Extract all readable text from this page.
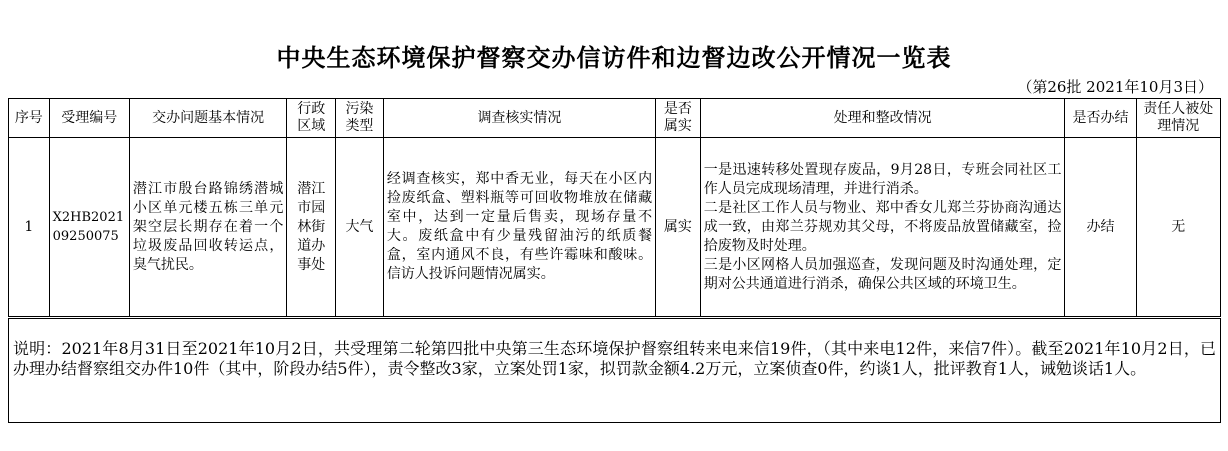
中央生态环境保护督察交办信访件和边督边改公开情况一览表
（第26批 2021年10月3日）
序号	受理编号	交办问题基本情况	行政区域	污染类型	调查核实情况	是否属实	处理和整改情况	是否办结	责任人被处理情况
1	X2HB202109250075	潜江市殷台路锦绣潜城小区单元楼五栋三单元架空层长期存在着一个垃圾废品回收转运点，臭气扰民。	潜江市园林街道办事处	大气	经调查核实，郑中香无业，每天在小区内捡废纸盒、塑料瓶等可回收物堆放在储藏室中，达到一定量后售卖，现场存量不大。废纸盒中有少量残留油污的纸质餐盒，室内通风不良，有些许霉味和酸味。信访人投诉问题情况属实。	属实	一是迅速转移处置现存废品，9月28日，专班会同社区工作人员完成现场清理，并进行消杀。
二是社区工作人员与物业、郑中香女儿郑兰芬协商沟通达成一致，由郑兰芬规劝其父母，不将废品放置储藏室，捡拾废物及时处理。
三是小区网格人员加强巡查，发现问题及时沟通处理，定期对公共通道进行消杀，确保公共区域的环境卫生。	办结	无
说明：2021年8月31日至2021年10月2日，共受理第二轮第四批中央第三生态环境保护督察组转来电来信19件，（其中来电12件，来信7件）。截至2021年10月2日，已办理办结督察组交办件10件（其中，阶段办结5件），责令整改3家，立案处罚1家，拟罚款金额4.2万元，立案侦查0件，约谈1人，批评教育1人，诫勉谈话1人。
